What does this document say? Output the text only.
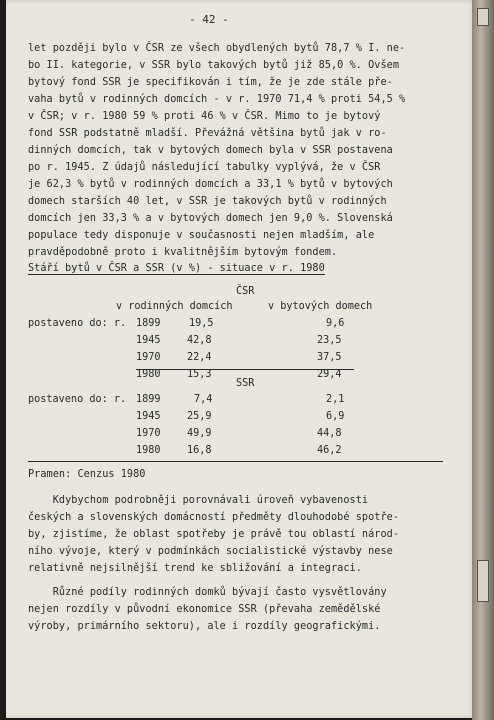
- 42 -
let později bylo v ČSR ze všech obydlených bytů 78,7 % I. ne-
bo II. kategorie, v SSR bylo takových bytů již 85,0 %. Ovšem
bytový fond SSR je specifikován i tím, že je zde stále pře-
vaha bytů v rodinných domcích - v r. 1970 71,4 % proti 54,5 %
v ČSR; v r. 1980 59 % proti 46 % v ČSR. Mimo to je bytový
fond SSR podstatně mladší. Převážná většina bytů jak v ro-
dinných domcích, tak v bytových domech byla v SSR postavena
po r. 1945. Z údajů následující tabulky vyplývá, že v ČSR
je 62,3 % bytů v rodinných domcích a 33,1 % bytů v bytových
domech starších 40 let, v SSR je takových bytů v rodinných
domcích jen 33,3 % a v bytových domech jen 9,0 %. Slovenská
populace tedy disponuje v současnosti nejen mladším, ale
pravděpodobně proto i kvalitnějším bytovým fondem.
Stáří bytů v ČSR a SSR (v %) - situace v r. 1980
ČSR
v rodinných domcích	v bytových domech
postaveno do: r. 1899	19,5	9,6
1945	42,8	23,5
1970	22,4	37,5
1980	15,3	29,4
SSR
postaveno do: r. 1899	7,4	2,1
1945	25,9	6,9
1970	49,9	44,8
1980	16,8	46,2
Pramen: Cenzus 1980
Kdybychom podrobněji porovnávali úroveň vybavenosti
českých a slovenských domácností předměty dlouhodobé spotře-
by, zjistíme, že oblast spotřeby je právě tou oblastí národ-
ního vývoje, který v podmínkách socialistické výstavby nese
relativně nejsilnější trend ke sbližování a integraci.
Různé podíly rodinných domků bývají často vysvětlovány
nejen rozdíly v původní ekonomice SSR (převaha zemědělské
výroby, primárního sektoru), ale i rozdíly geografickými.
